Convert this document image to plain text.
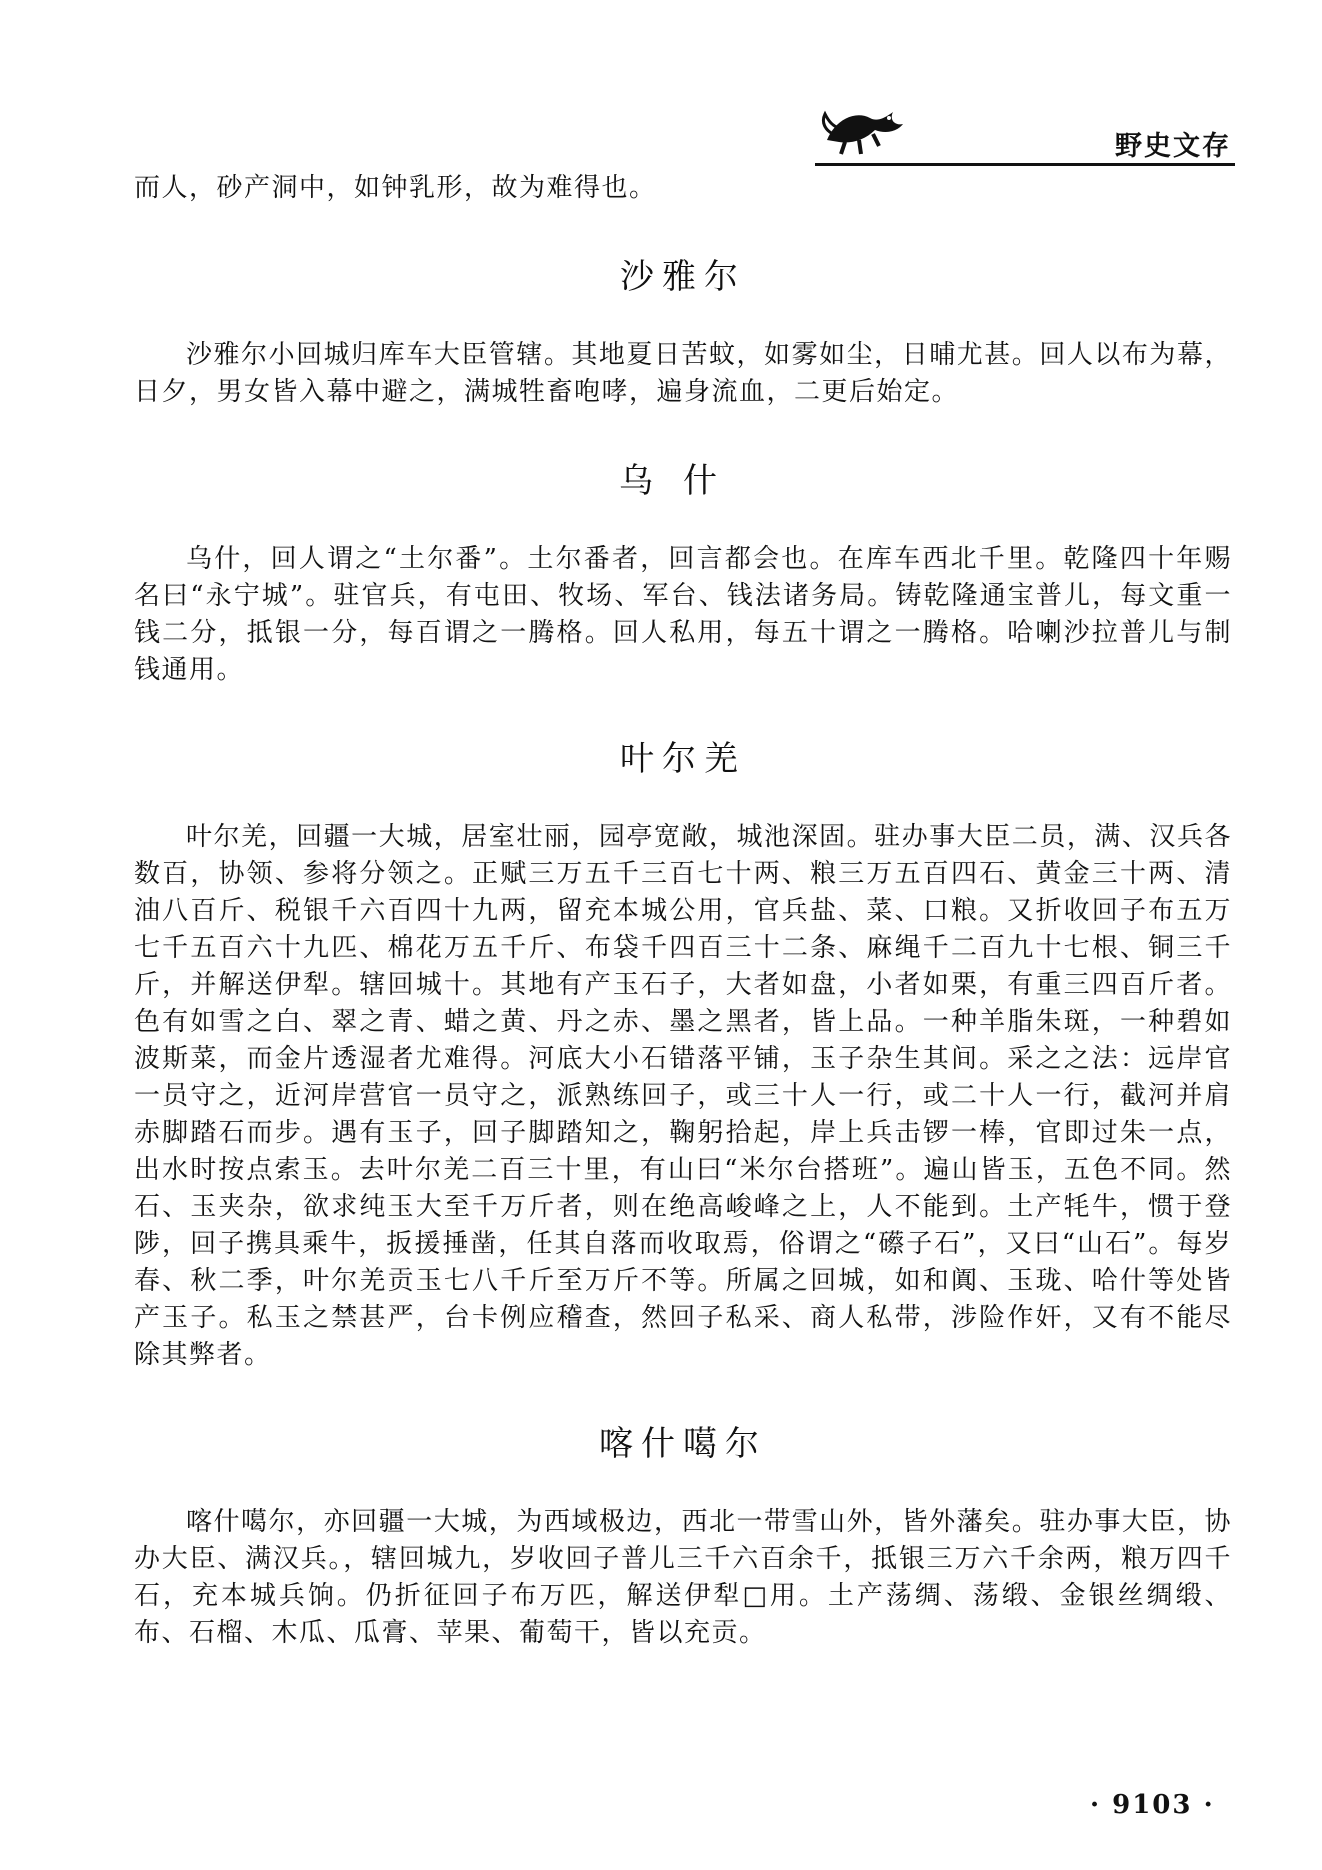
野史文存

而人，砂产洞中，如钟乳形，故为难得也。

沙雅尔

沙雅尔小回城归库车大臣管辖。其地夏日苦蚊，如雾如尘，日晡尤甚。回人以布为幕，日夕，男女皆入幕中避之，满城牲畜咆哮，遍身流血，二更后始定。

乌什

乌什，回人谓之“土尔番”。土尔番者，回言都会也。在库车西北千里。乾隆四十年赐名曰“永宁城”。驻官兵，有屯田、牧场、军台、钱法诸务局。铸乾隆通宝普儿，每文重一钱二分，抵银一分，每百谓之一腾格。回人私用，每五十谓之一腾格。哈喇沙拉普儿与制钱通用。

叶尔羌

叶尔羌，回疆一大城，居室壮丽，园亭宽敞，城池深固。驻办事大臣二员，满、汉兵各数百，协领、参将分领之。正赋三万五千三百七十两、粮三万五百四石、黄金三十两、清油八百斤、税银千六百四十九两，留充本城公用，官兵盐、菜、口粮。又折收回子布五万七千五百六十九匹、棉花万五千斤、布袋千四百三十二条、麻绳千二百九十七根、铜三千斤，并解送伊犁。辖回城十。其地有产玉石子，大者如盘，小者如栗，有重三四百斤者。色有如雪之白、翠之青、蜡之黄、丹之赤、墨之黑者，皆上品。一种羊脂朱斑，一种碧如波斯菜，而金片透湿者尤难得。河底大小石错落平铺，玉子杂生其间。采之之法：远岸官一员守之，近河岸营官一员守之，派熟练回子，或三十人一行，或二十人一行，截河并肩赤脚踏石而步。遇有玉子，回子脚踏知之，鞠躬拾起，岸上兵击锣一棒，官即过朱一点，出水时按点索玉。去叶尔羌二百三十里，有山曰“米尔台搭班”。遍山皆玉，五色不同。然石、玉夹杂，欲求纯玉大至千万斤者，则在绝高峻峰之上，人不能到。土产牦牛，惯于登陟，回子携具乘牛，扳援捶凿，任其自落而收取焉，俗谓之“礤子石”，又曰“山石”。每岁春、秋二季，叶尔羌贡玉七八千斤至万斤不等。所属之回城，如和阗、玉珑、哈什等处皆产玉子。私玉之禁甚严，台卡例应稽查，然回子私采、商人私带，涉险作奸，又有不能尽除其弊者。

喀什噶尔

喀什噶尔，亦回疆一大城，为西域极边，西北一带雪山外，皆外藩矣。驻办事大臣，协办大臣、满汉兵。，辖回城九，岁收回子普儿三千六百余千，抵银三万六千余两，粮万四千石，充本城兵饷。仍折征回子布万匹，解送伊犁□用。土产荡绸、荡缎、金银丝绸缎、布、石榴、木瓜、瓜膏、苹果、葡萄干，皆以充贡。

· 9103 ·
